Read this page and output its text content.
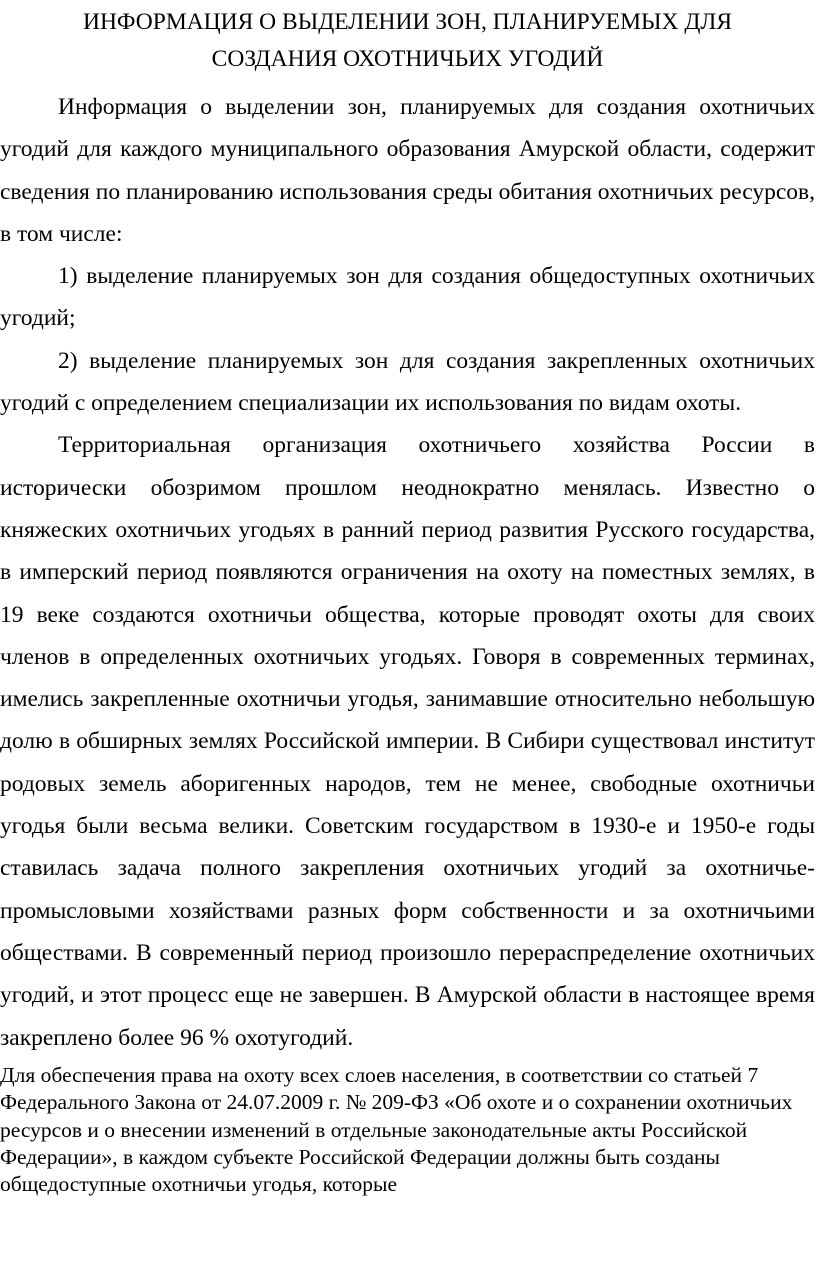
ИНФОРМАЦИЯ О ВЫДЕЛЕНИИ ЗОН, ПЛАНИРУЕМЫХ ДЛЯ
СОЗДАНИЯ ОХОТНИЧЬИХ УГОДИЙ

Информация о выделении зон, планируемых для создания охотничьих угодий для каждого муниципального образования Амурской области, содержит сведения по планированию использования среды обитания охотничьих ресурсов, в том числе:

1) выделение планируемых зон для создания общедоступных охотничьих угодий;

2) выделение планируемых зон для создания закрепленных охотничьих угодий с определением специализации их использования по видам охоты.

Территориальная организация охотничьего хозяйства России в исторически обозримом прошлом неоднократно менялась. Известно о княжеских охотничьих угодьях в ранний период развития Русского государства, в имперский период появляются ограничения на охоту на поместных землях, в 19 веке создаются охотничьи общества, которые проводят охоты для своих членов в определенных охотничьих угодьях. Говоря в современных терминах, имелись закрепленные охотничьи угодья, занимавшие относительно небольшую долю в обширных землях Российской империи. В Сибири существовал институт родовых земель аборигенных народов, тем не менее, свободные охотничьи угодья были весьма велики. Советским государством в 1930-е и 1950-е годы ставилась задача полного закрепления охотничьих угодий за охотничье-промысловыми хозяйствами разных форм собственности и за охотничьими обществами. В современный период произошло перераспределение охотничьих угодий, и этот процесс еще не завершен. В Амурской области в настоящее время закреплено более 96 % охотугодий.

Для обеспечения права на охоту всех слоев населения, в соответствии со статьей 7 Федерального Закона от 24.07.2009 г. № 209-ФЗ «Об охоте и о сохранении охотничьих ресурсов и о внесении изменений в отдельные законодательные акты Российской Федерации», в каждом субъекте Российской Федерации должны быть созданы общедоступные охотничьи угодья, которые
